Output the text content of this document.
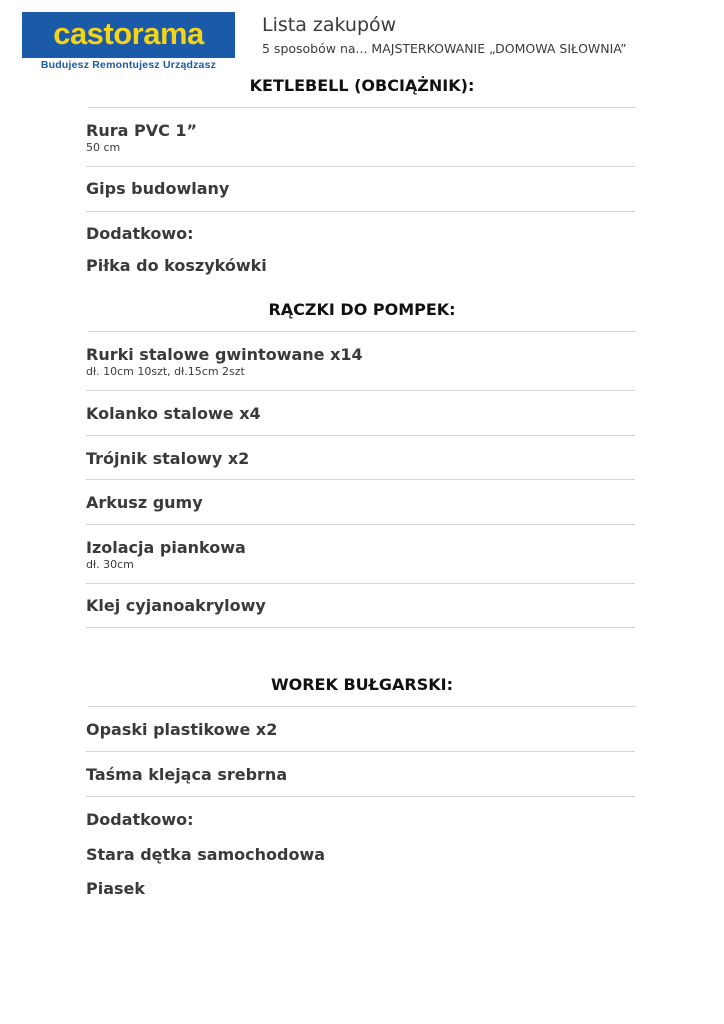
castorama
Budujesz Remontujesz Urządzasz
Lista zakupów
5 sposobów na... MAJSTERKOWANIE „DOMOWA SIŁOWNIA”
KETLEBELL (OBCIĄŻNIK):
Rura PVC 1”
50 cm
Gips budowlany
Dodatkowo:
Piłka do koszykówki
RĄCZKI DO POMPEK:
Rurki stalowe gwintowane x14
dł. 10cm 10szt, dł.15cm 2szt
Kolanko stalowe x4
Trójnik stalowy x2
Arkusz gumy
Izolacja piankowa
dł. 30cm
Klej cyjanoakrylowy
WOREK BUŁGARSKI:
Opaski plastikowe x2
Taśma klejąca srebrna
Dodatkowo:
Stara dętka samochodowa
Piasek
